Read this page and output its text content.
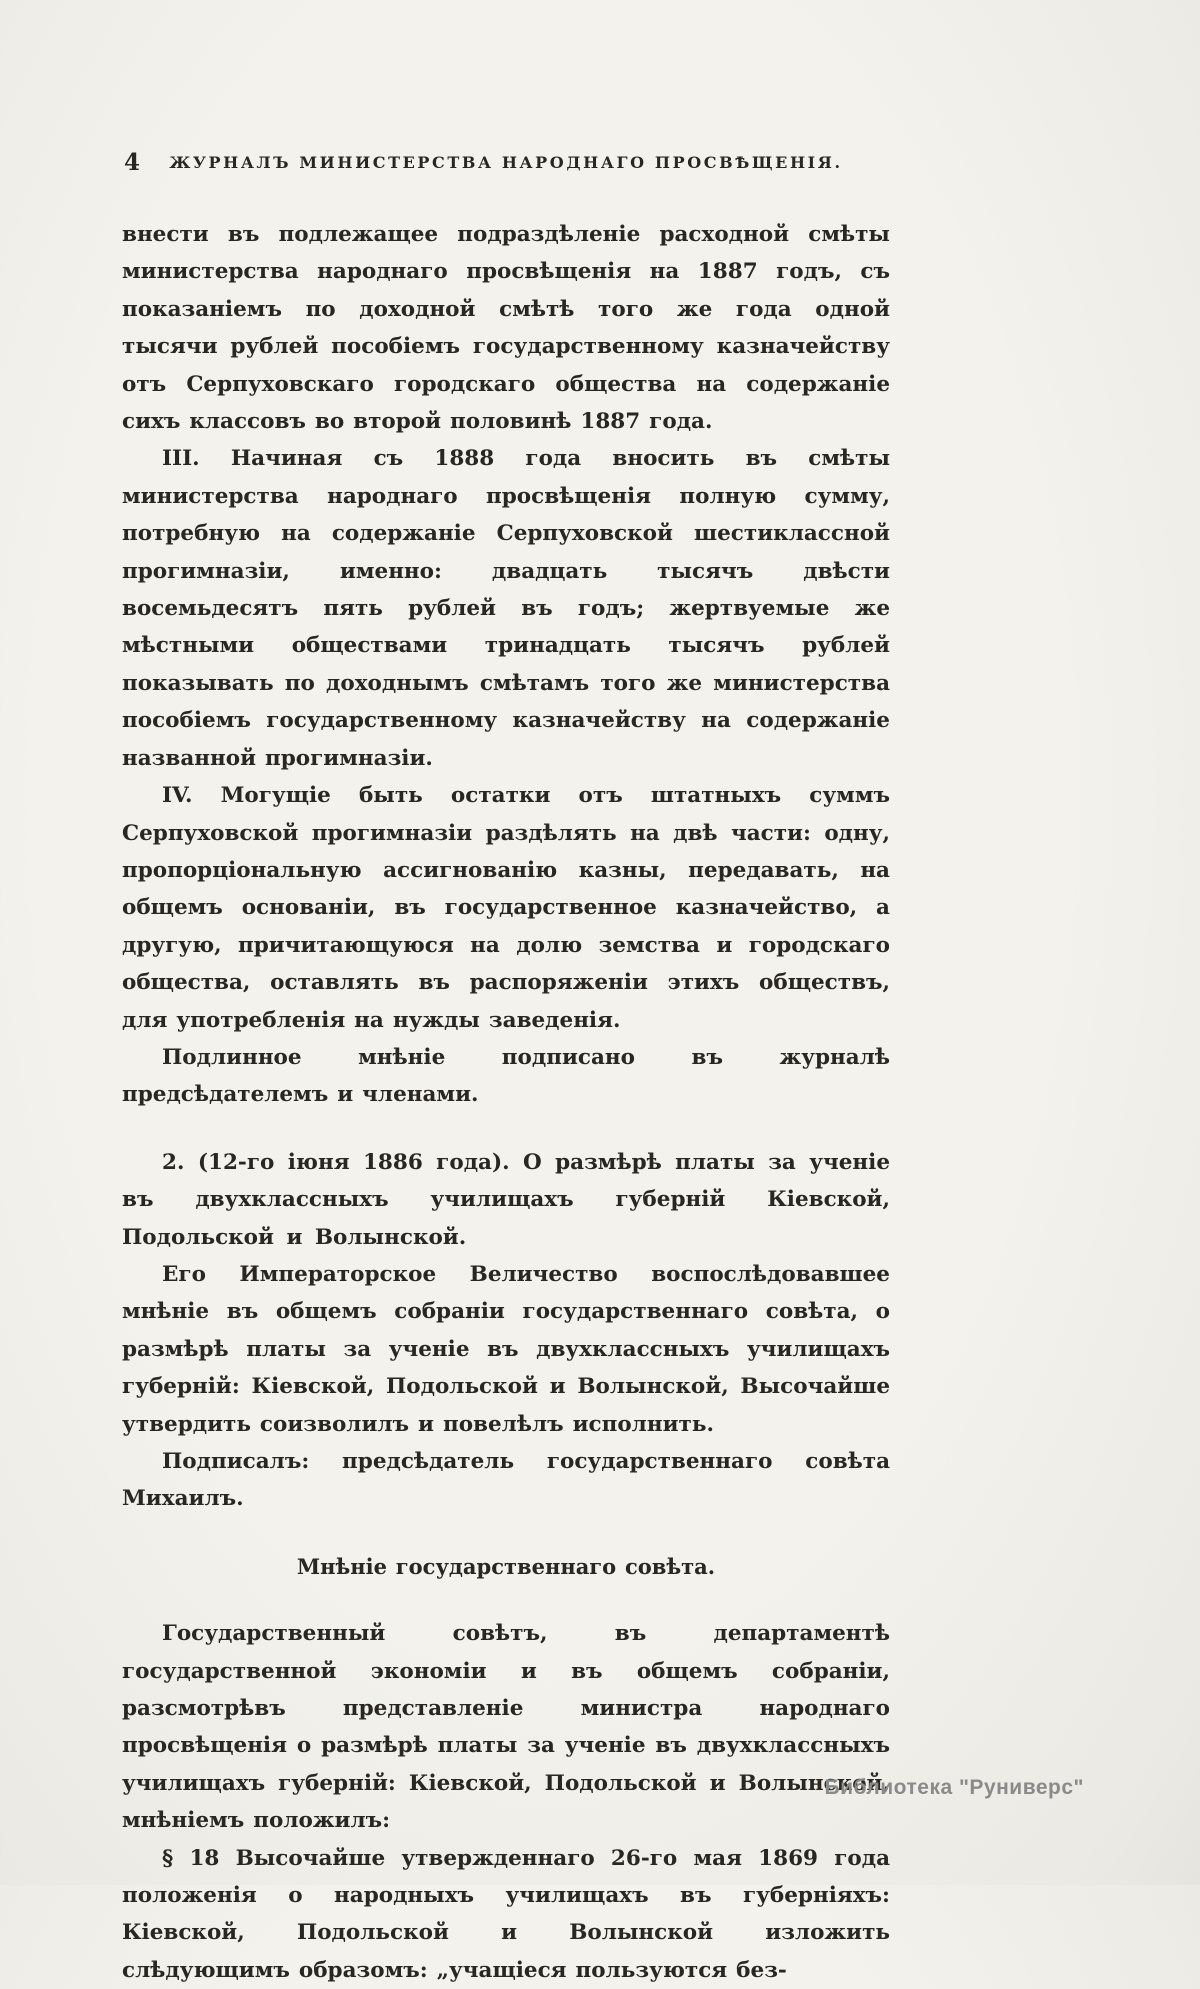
4	ЖУРНАЛЪ МИНИСТЕРСТВА НАРОДНАГО ПРОСВѢЩЕНІЯ.

внести въ подлежащее подраздѣленіе расходной смѣты министерства народнаго просвѣщенія на 1887 годъ, съ показаніемъ по доходной смѣтѣ того же года одной тысячи рублей пособіемъ государственному казначейству отъ Серпуховскаго городскаго общества на содержаніе сихъ классовъ во второй половинѣ 1887 года.

III. Начиная съ 1888 года вносить въ смѣты министерства народнаго просвѣщенія полную сумму, потребную на содержаніе Серпуховской шестиклассной прогимназіи, именно: двадцать тысячъ двѣсти восемьдесятъ пять рублей въ годъ; жертвуемые же мѣстными обществами тринадцать тысячъ рублей показывать по доходнымъ смѣтамъ того же министерства пособіемъ государственному казначейству на содержаніе названной прогимназіи.

IV. Могущіе быть остатки отъ штатныхъ суммъ Серпуховской прогимназіи раздѣлять на двѣ части: одну, пропорціональную ассигнованію казны, передавать, на общемъ основаніи, въ государственное казначейство, а другую, причитающуюся на долю земства и городскаго общества, оставлять въ распоряженіи этихъ обществъ, для употребленія на нужды заведенія.

Подлинное мнѣніе подписано въ журналѣ предсѣдателемъ и членами.

2. (12-го іюня 1886 года). О размѣрѣ платы за ученіе въ двухклассныхъ училищахъ губерній Кіевской, Подольской и Волынской.

Его Императорское Величество воспослѣдовавшее мнѣніе въ общемъ собраніи государственнаго совѣта, о размѣрѣ платы за ученіе въ двухклассныхъ училищахъ губерній: Кіевской, Подольской и Волынской, Высочайше утвердить соизволилъ и повелѣлъ исполнить.

Подписалъ: предсѣдатель государственнаго совѣта Михаилъ.

Мнѣніе государственнаго совѣта.

Государственный совѣтъ, въ департаментѣ государственной экономіи и въ общемъ собраніи, разсмотрѣвъ представленіе министра народнаго просвѣщенія о размѣрѣ платы за ученіе въ двухклассныхъ училищахъ губерній: Кіевской, Подольской и Волынской, мнѣніемъ положилъ:

§ 18 Высочайше утвержденнаго 26-го мая 1869 года положенія о народныхъ училищахъ въ губерніяхъ: Кіевской, Подольской и Волынской изложить слѣдующимъ образомъ: „учащіеся пользуются без-

Библиотека "Руниверс"
